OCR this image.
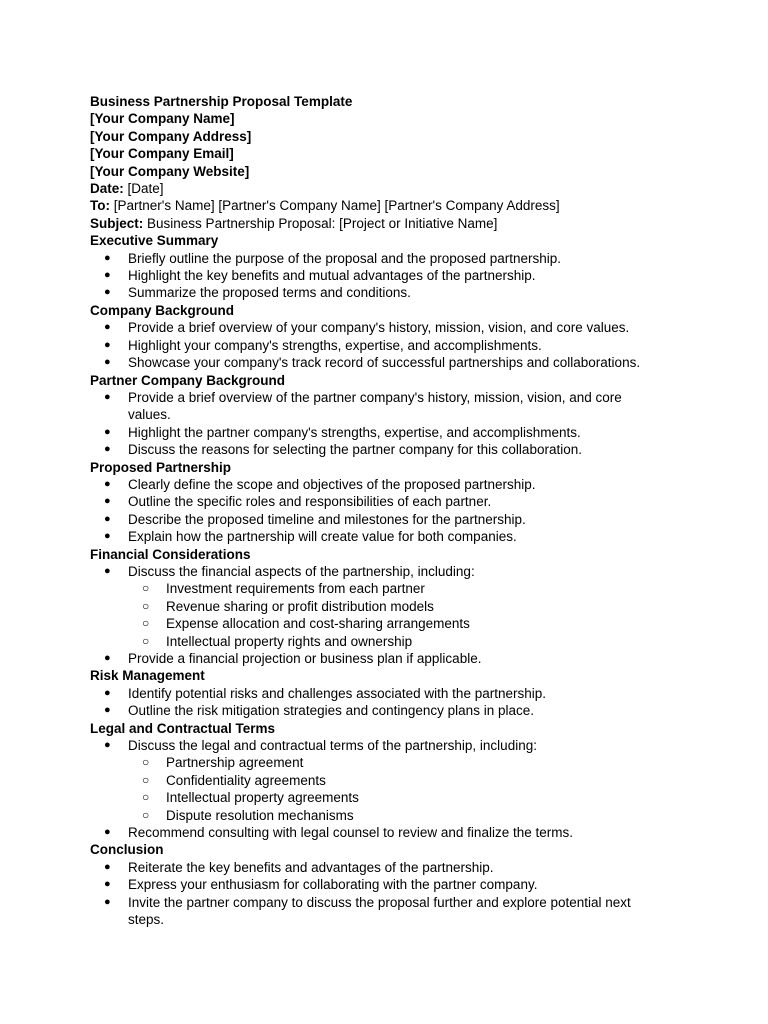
Business Partnership Proposal Template

[Your Company Name]

[Your Company Address]

[Your Company Email]

[Your Company Website]

Date: [Date]

To: [Partner's Name] [Partner's Company Name] [Partner's Company Address]

Subject: Business Partnership Proposal: [Project or Initiative Name]

Executive Summary

● Briefly outline the purpose of the proposal and the proposed partnership.
● Highlight the key benefits and mutual advantages of the partnership.
● Summarize the proposed terms and conditions.

Company Background

● Provide a brief overview of your company's history, mission, vision, and core values.
● Highlight your company's strengths, expertise, and accomplishments.
● Showcase your company's track record of successful partnerships and collaborations.

Partner Company Background

● Provide a brief overview of the partner company's history, mission, vision, and core values.
● Highlight the partner company's strengths, expertise, and accomplishments.
● Discuss the reasons for selecting the partner company for this collaboration.

Proposed Partnership

● Clearly define the scope and objectives of the proposed partnership.
● Outline the specific roles and responsibilities of each partner.
● Describe the proposed timeline and milestones for the partnership.
● Explain how the partnership will create value for both companies.

Financial Considerations

● Discuss the financial aspects of the partnership, including:
○ Investment requirements from each partner
○ Revenue sharing or profit distribution models
○ Expense allocation and cost-sharing arrangements
○ Intellectual property rights and ownership
● Provide a financial projection or business plan if applicable.

Risk Management

● Identify potential risks and challenges associated with the partnership.
● Outline the risk mitigation strategies and contingency plans in place.

Legal and Contractual Terms

● Discuss the legal and contractual terms of the partnership, including:
○ Partnership agreement
○ Confidentiality agreements
○ Intellectual property agreements
○ Dispute resolution mechanisms
● Recommend consulting with legal counsel to review and finalize the terms.

Conclusion

● Reiterate the key benefits and advantages of the partnership.
● Express your enthusiasm for collaborating with the partner company.
● Invite the partner company to discuss the proposal further and explore potential next steps.
